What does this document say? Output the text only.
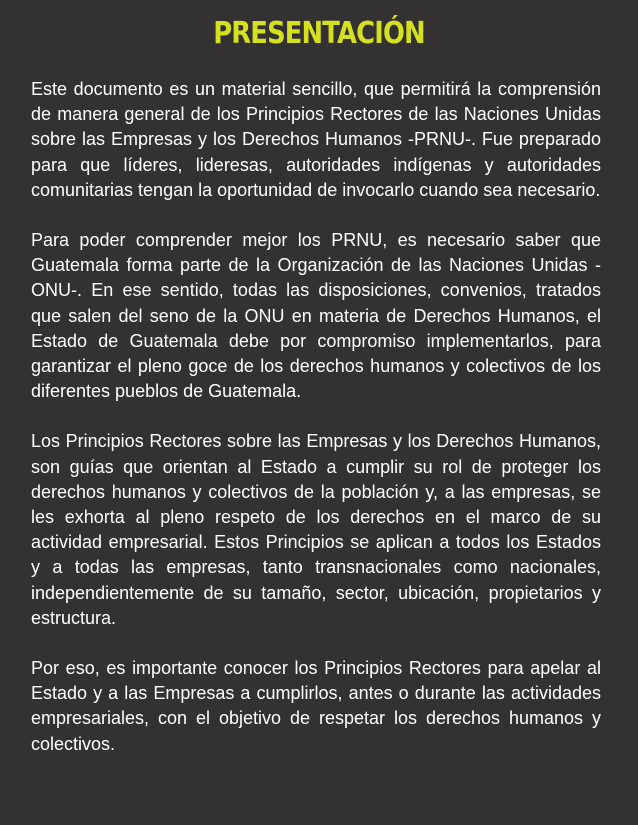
PRESENTACIÓN

Este documento es un material sencillo, que permitirá la comprensión de manera general de los Principios Rectores de las Naciones Unidas sobre las Empresas y los Derechos Humanos -PRNU-. Fue preparado para que líderes, lideresas, autoridades indígenas y autoridades comunitarias tengan la oportunidad de invocarlo cuando sea necesario.

Para poder comprender mejor los PRNU, es necesario saber que Guatemala forma parte de la Organización de las Naciones Unidas -ONU-. En ese sentido, todas las disposiciones, convenios, tratados que salen del seno de la ONU en materia de Derechos Humanos, el Estado de Guatemala debe por compromiso implementarlos, para garantizar el pleno goce de los derechos humanos y colectivos de los diferentes pueblos de Guatemala.

Los Principios Rectores sobre las Empresas y los Derechos Humanos, son guías que orientan al Estado a cumplir su rol de proteger los derechos humanos y colectivos de la población y, a las empresas, se les exhorta al pleno respeto de los derechos en el marco de su actividad empresarial. Estos Principios se aplican a todos los Estados y a todas las empresas, tanto transnacionales como nacionales, independientemente de su tamaño, sector, ubicación, propietarios y estructura.

Por eso, es importante conocer los Principios Rectores para apelar al Estado y a las Empresas a cumplirlos, antes o durante las actividades empresariales, con el objetivo de respetar los derechos humanos y colectivos.
